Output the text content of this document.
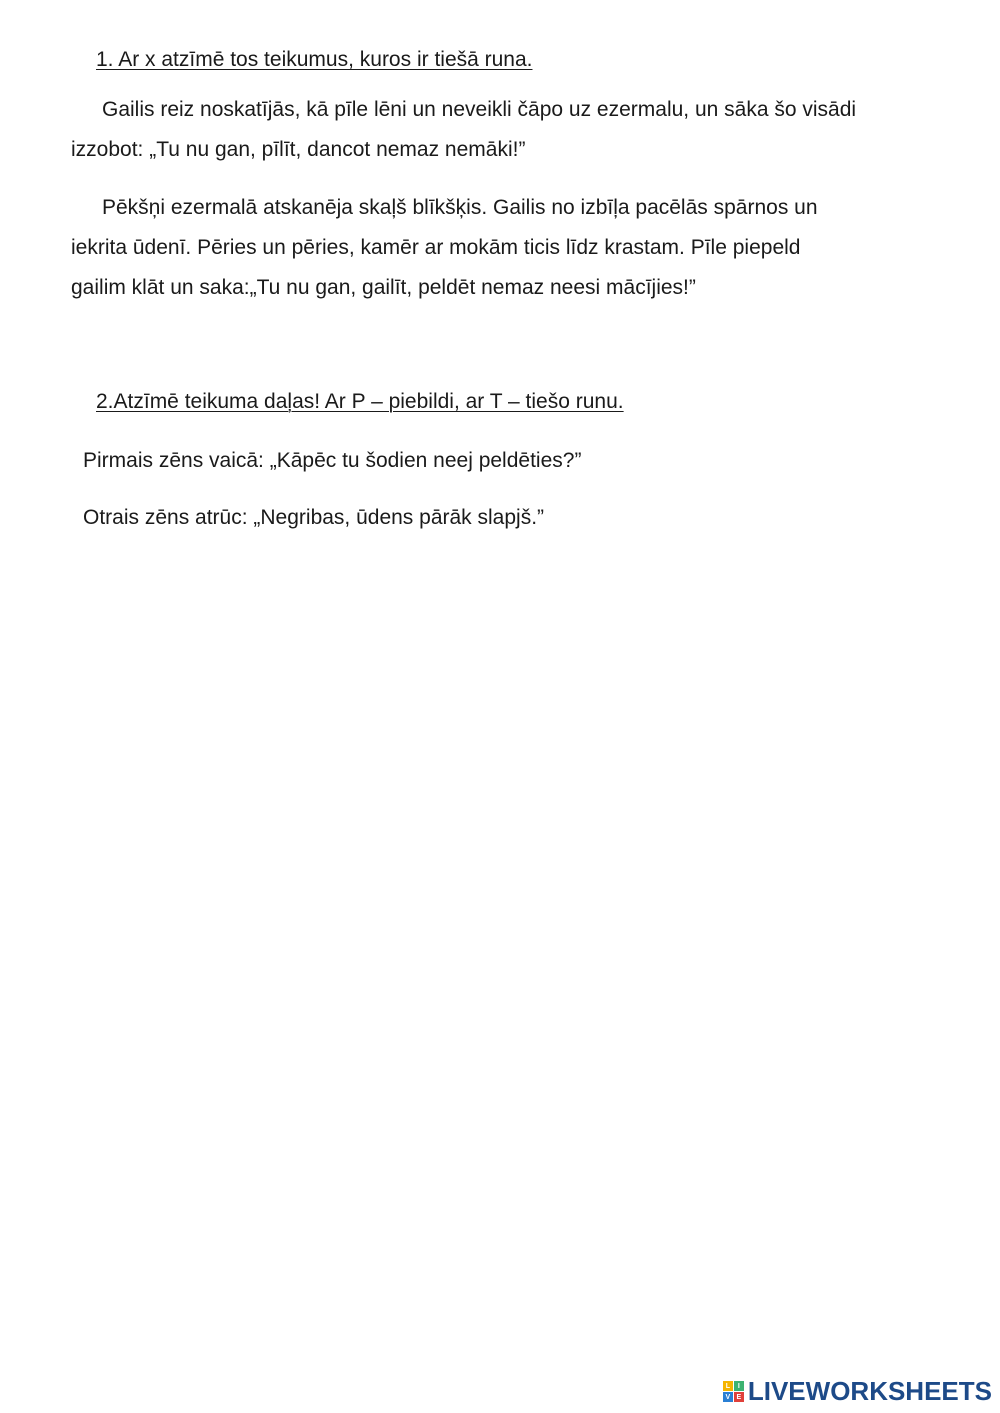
1. Ar x atzīmē tos teikumus, kuros ir tiešā runa.
Gailis reiz noskatījās, kā pīle lēni un neveikli čāpo uz ezermalu, un sāka šo visādi
izzobot: „Tu nu gan, pīlīt, dancot nemaz nemāki!”
Pēkšņi ezermalā atskanēja skaļš blīkšķis. Gailis no izbīļa pacēlās spārnos un
iekrita ūdenī. Pēries un pēries, kamēr ar mokām ticis līdz krastam. Pīle piepeld
gailim klāt un saka:„Tu nu gan, gailīt, peldēt nemaz neesi mācījies!”
2.Atzīmē teikuma daļas! Ar P – piebildi, ar T – tiešo runu.

Pirmais zēns vaicā: „Kāpēc tu šodien neej peldēties?”

Otrais zēns atrūc: „Negribas, ūdens pārāk slapjš.”

L	I
V E LIVEWORKSHEETS
